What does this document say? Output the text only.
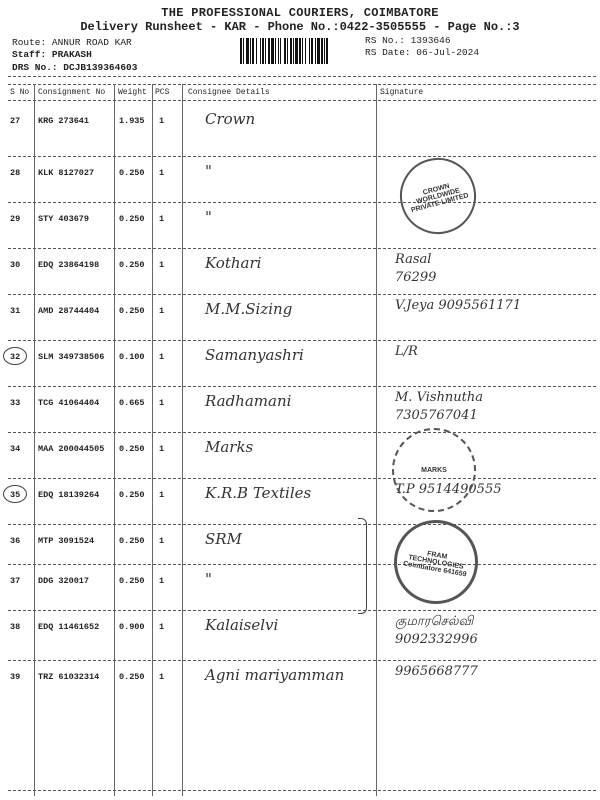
THE PROFESSIONAL COURIERS, COIMBATORE
Delivery Runsheet - KAR - Phone No.:0422-3505555 - Page No.:3
Route: ANNUR ROAD KAR
Staff: PRAKASH
DRS No.: DCJB139364603
RS No.: 1393646
RS Date: 06-Jul-2024
S No Consignment No Weight PCS Consignee Details	Signature
27 KRG 273641	1.935 1	Crown
28 KLK 8127027	0.250 1	"
29 STY 403679	0.250 1	"
30 EDQ 23864198 0.250 1	Kothari	Rasal
76299
31 AMD 28744404 0.250 1	M.M.Sizing	V.Jeya 9095561171
32 SLM 349738506 0.100 1	Samanyashri	L/R
33 TCG 41064404 0.665 1	Radhamani	M. Vishnutha
7305767041
34 MAA 200044505 0.250 1	Marks
35 EDQ 18139264 0.250 1	K.R.B Textiles	T.P 9514490555
36 MTP 3091524	0.250 1	SRM
37 DDG 320017	0.250 1	"
38 EDQ 11461652 0.900 1	Kalaiselvi	குமாரசெல்வி
9092332996
39 TRZ 61032314 0.250 1	Agni mariyamman	9965668777
CROWN WORLDWIDE PRIVATE LIMITED
MARKS
FRAM TECHNOLOGIES Coimbatore 641659
